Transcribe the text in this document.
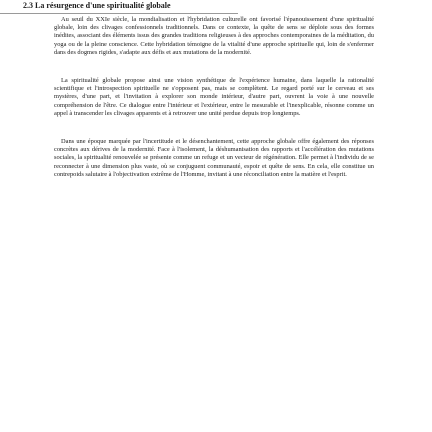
2.3 La résurgence d'une spiritualité globale

Au seuil du XXIe siècle, la mondialisation et l'hybridation culturelle ont favorisé l'épanouissement d'une spiritualité globale, loin des clivages confessionnels traditionnels. Dans ce contexte, la quête de sens se déploie sous des formes inédites, associant des éléments issus des grandes traditions religieuses à des approches contemporaines de la méditation, du yoga ou de la pleine conscience. Cette hybridation témoigne de la vitalité d'une approche spirituelle qui, loin de s'enfermer dans des dogmes rigides, s'adapte aux défis et aux mutations de la modernité.

La spiritualité globale propose ainsi une vision synthétique de l'expérience humaine, dans laquelle la rationalité scientifique et l'introspection spirituelle ne s'opposent pas, mais se complètent. Le regard porté sur le cerveau et ses mystères, d'une part, et l'invitation à explorer son monde intérieur, d'autre part, ouvrent la voie à une nouvelle compréhension de l'être. Ce dialogue entre l'intérieur et l'extérieur, entre le mesurable et l'inexplicable, résonne comme un appel à transcender les clivages apparents et à retrouver une unité perdue depuis trop longtemps.

Dans une époque marquée par l'incertitude et le désenchantement, cette approche globale offre également des réponses concrètes aux dérives de la modernité. Face à l'isolement, la déshumanisation des rapports et l'accélération des mutations sociales, la spiritualité renouvelée se présente comme un refuge et un vecteur de régénération. Elle permet à l'individu de se reconnecter à une dimension plus vaste, où se conjuguent communauté, espoir et quête de sens. En cela, elle constitue un contrepoids salutaire à l'objectivation extrême de l'Homme, invitant à une réconciliation entre la matière et l'esprit.
